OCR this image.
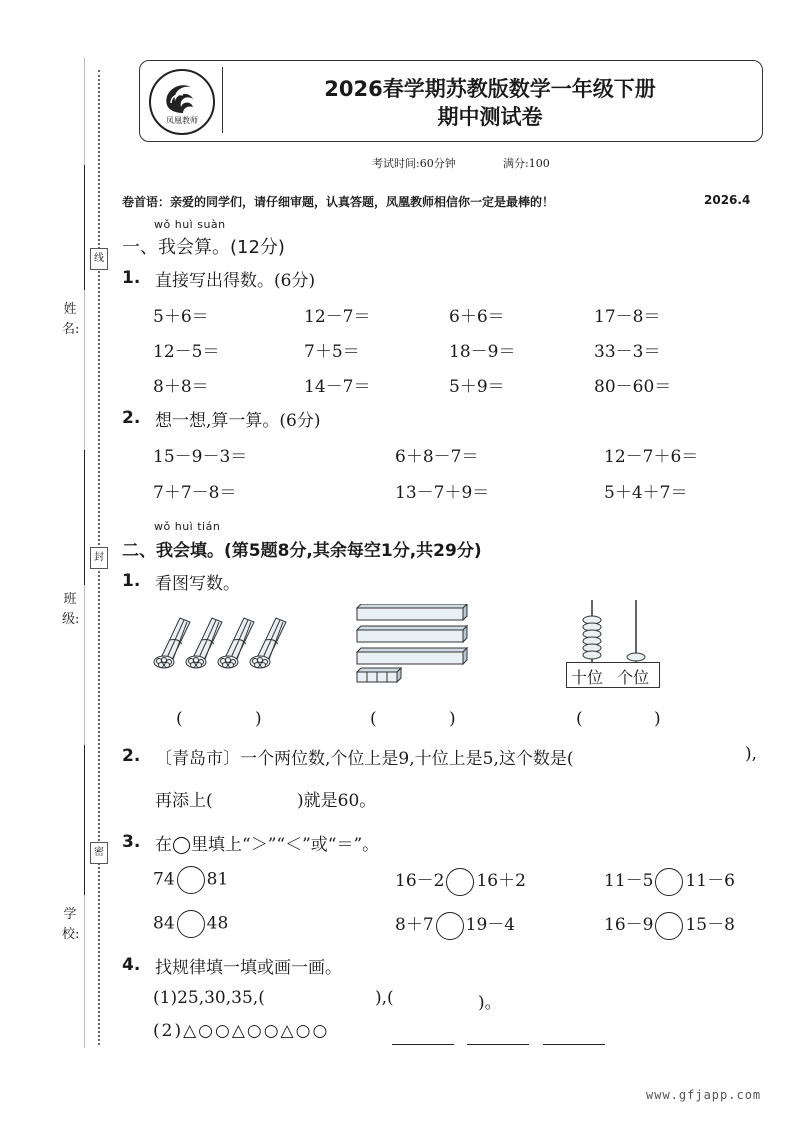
姓名:
班级:
学校:
线
封
密
凤凰教师
2026春学期苏教版数学一年级下册
期中测试卷
考试时间:60分钟	满分:100
卷首语：亲爱的同学们，请仔细审题，认真答题，凤凰教师相信你一定是最棒的！	2026.4
wǒ huì suàn
一、我会算。(12分)
1. 直接写出得数。(6分)
5＋6＝	12－7＝	6＋6＝	17－8＝
12－5＝	7＋5＝	18－9＝	33－3＝
8＋8＝	14－7＝	5＋9＝	80－60＝
2. 想一想,算一算。(6分)
15－9－3＝	6＋8－7＝	12－7＋6＝
7＋7－8＝	13－7＋9＝	5＋4＋7＝
wǒ huì tián
二、我会填。(第5题8分,其余每空1分,共29分)
1. 看图写数。
十位 个位
(	)	(	)	(	)
2. 〔青岛市〕一个两位数,个位上是9,十位上是5,这个数是(	),
再添上(	)就是60。
3. 在◯里填上“＞”“＜”或“＝”。
74 81	16－2 16＋2	11－5 11－6
84 48	8＋7 19－4	16－9 15－8
4. 找规律填一填或画一画。
(1)25,30,35,(	),(	)。
(2)△○○△○○△○○
www.gfjapp.com
